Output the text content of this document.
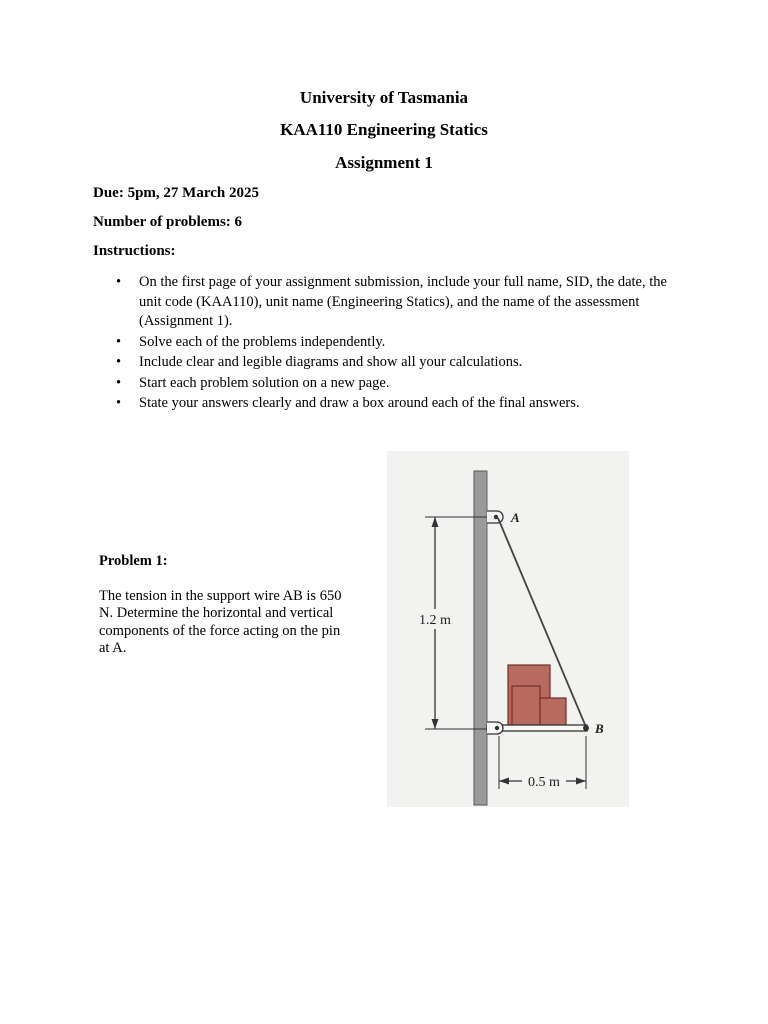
University of Tasmania
KAA110 Engineering Statics
Assignment 1
Due: 5pm, 27 March 2025
Number of problems: 6
Instructions:
• On the first page of your assignment submission, include your full name, SID, the date, the unit code (KAA110), unit name (Engineering Statics), and the name of the assessment (Assignment 1).
• Solve each of the problems independently.
• Include clear and legible diagrams and show all your calculations.
• Start each problem solution on a new page.
• State your answers clearly and draw a box around each of the final answers.
Problem 1:
The tension in the support wire AB is 650 N. Determine the horizontal and vertical components of the force acting on the pin at A.
1.2 m
A
B
0.5 m
